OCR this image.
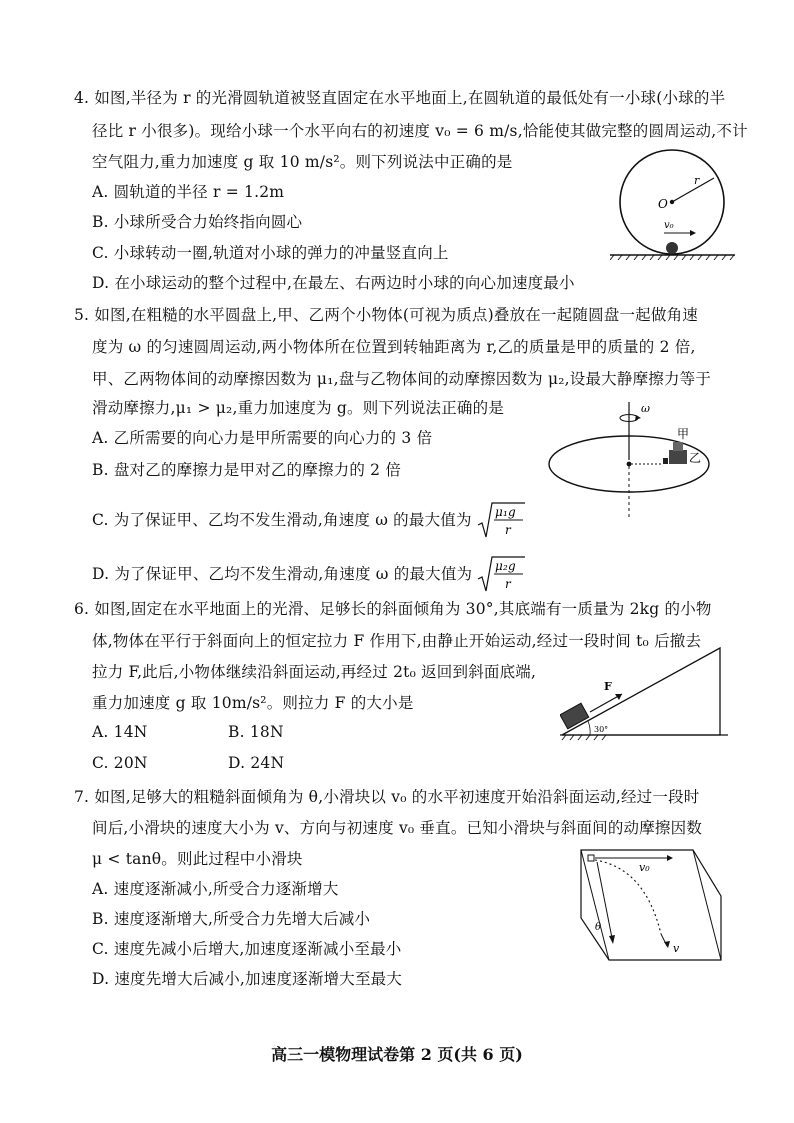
4. 如图,半径为 r 的光滑圆轨道被竖直固定在水平地面上,在圆轨道的最低处有一小球(小球的半
径比 r 小很多)。现给小球一个水平向右的初速度 v₀ = 6 m/s,恰能使其做完整的圆周运动,不计
空气阻力,重力加速度 g 取 10 m/s²。则下列说法中正确的是
A. 圆轨道的半径 r = 1.2m
B. 小球所受合力始终指向圆心
C. 小球转动一圈,轨道对小球的弹力的冲量竖直向上
D. 在小球运动的整个过程中,在最左、右两边时小球的向心加速度最小
O
r
v₀
5. 如图,在粗糙的水平圆盘上,甲、乙两个小物体(可视为质点)叠放在一起随圆盘一起做角速
度为 ω 的匀速圆周运动,两小物体所在位置到转轴距离为 r,乙的质量是甲的质量的 2 倍,
甲、乙两物体间的动摩擦因数为 μ₁,盘与乙物体间的动摩擦因数为 μ₂,设最大静摩擦力等于
滑动摩擦力,μ₁ > μ₂,重力加速度为 g。则下列说法正确的是
A. 乙所需要的向心力是甲所需要的向心力的 3 倍
B. 盘对乙的摩擦力是甲对乙的摩擦力的 2 倍
C. 为了保证甲、乙均不发生滑动,角速度 ω 的最大值为 μ₁g
r
D. 为了保证甲、乙均不发生滑动,角速度 ω 的最大值为 μ₂g
r
ω
甲
乙
6. 如图,固定在水平地面上的光滑、足够长的斜面倾角为 30°,其底端有一质量为 2kg 的小物
体,物体在平行于斜面向上的恒定拉力 F 作用下,由静止开始运动,经过一段时间 t₀ 后撤去
拉力 F,此后,小物体继续沿斜面运动,再经过 2t₀ 返回到斜面底端,
重力加速度 g 取 10m/s²。则拉力 F 的大小是
A. 14N	B. 18N
C. 20N	D. 24N
F
30°
7. 如图,足够大的粗糙斜面倾角为 θ,小滑块以 v₀ 的水平初速度开始沿斜面运动,经过一段时
间后,小滑块的速度大小为 v、方向与初速度 v₀ 垂直。已知小滑块与斜面间的动摩擦因数
μ < tanθ。则此过程中小滑块
A. 速度逐渐减小,所受合力逐渐增大
B. 速度逐渐增大,所受合力先增大后减小
C. 速度先减小后增大,加速度逐渐减小至最小
D. 速度先增大后减小,加速度逐渐增大至最大
v₀
v
θ
高三一模物理试卷第 2 页(共 6 页)
